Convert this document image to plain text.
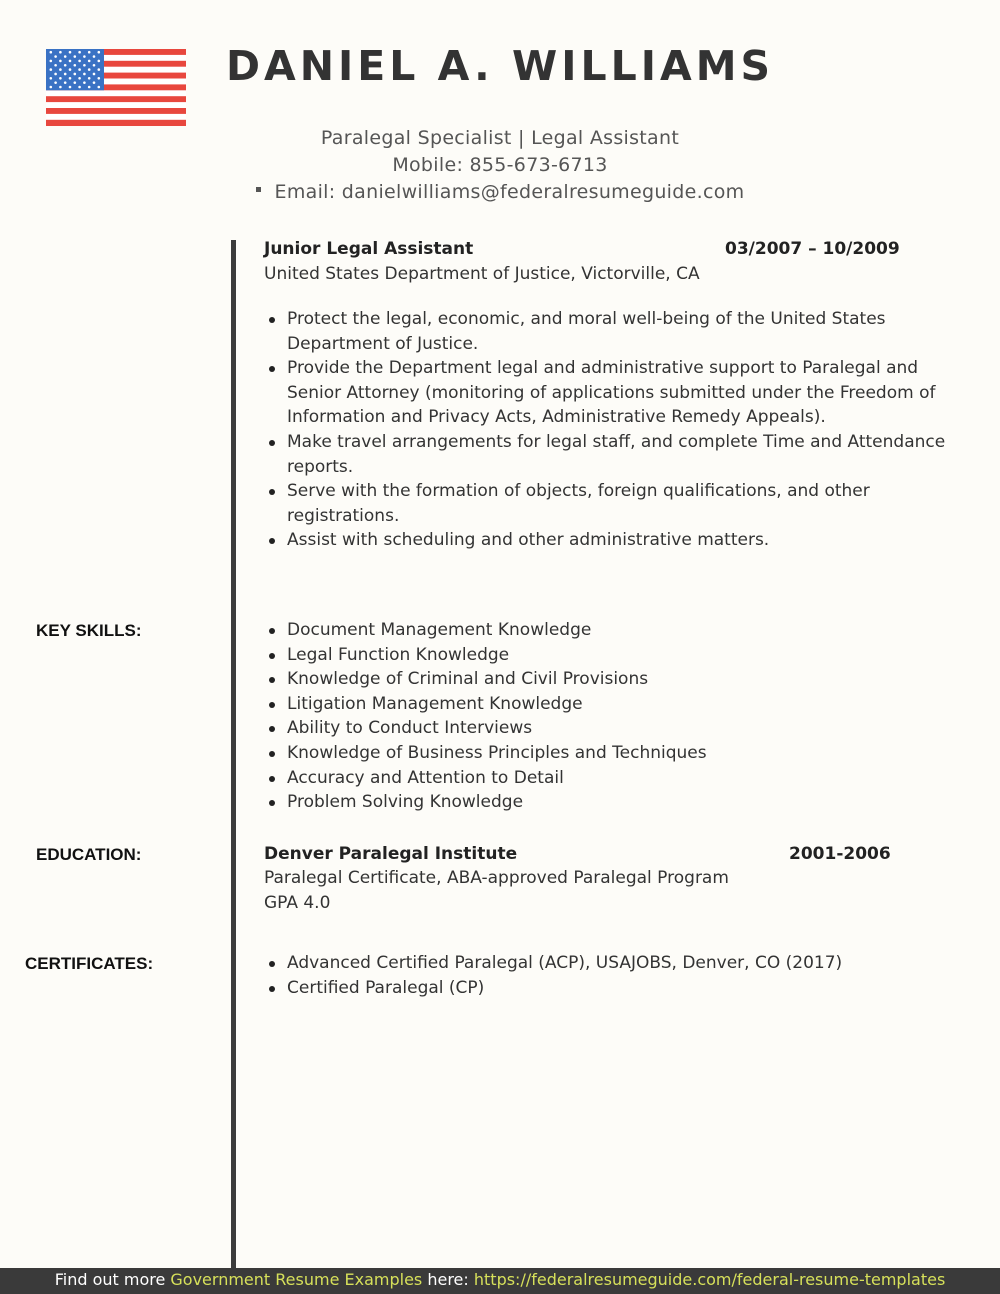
DANIEL A. WILLIAMS
Paralegal Specialist | Legal Assistant
Mobile: 855-673-6713
Email: danielwilliams@federalresumeguide.com
Junior Legal Assistant	03/2007 – 10/2009
United States Department of Justice, Victorville, CA
Protect the legal, economic, and moral well-being of the United States Department of Justice.
Provide the Department legal and administrative support to Paralegal and Senior Attorney (monitoring of applications submitted under the Freedom of Information and Privacy Acts, Administrative Remedy Appeals).
Make travel arrangements for legal staff, and complete Time and Attendance reports.
Serve with the formation of objects, foreign qualifications, and other registrations.
Assist with scheduling and other administrative matters.
KEY SKILLS:	Document Management Knowledge
Legal Function Knowledge
Knowledge of Criminal and Civil Provisions
Litigation Management Knowledge
Ability to Conduct Interviews
Knowledge of Business Principles and Techniques
Accuracy and Attention to Detail
Problem Solving Knowledge
EDUCATION:	Denver Paralegal Institute	2001-2006
Paralegal Certificate, ABA-approved Paralegal Program
GPA 4.0
CERTIFICATES:	Advanced Certified Paralegal (ACP), USAJOBS, Denver, CO (2017)
Certified Paralegal (CP)
Find out more Government Resume Examples here: https://federalresumeguide.com/federal-resume-templates
